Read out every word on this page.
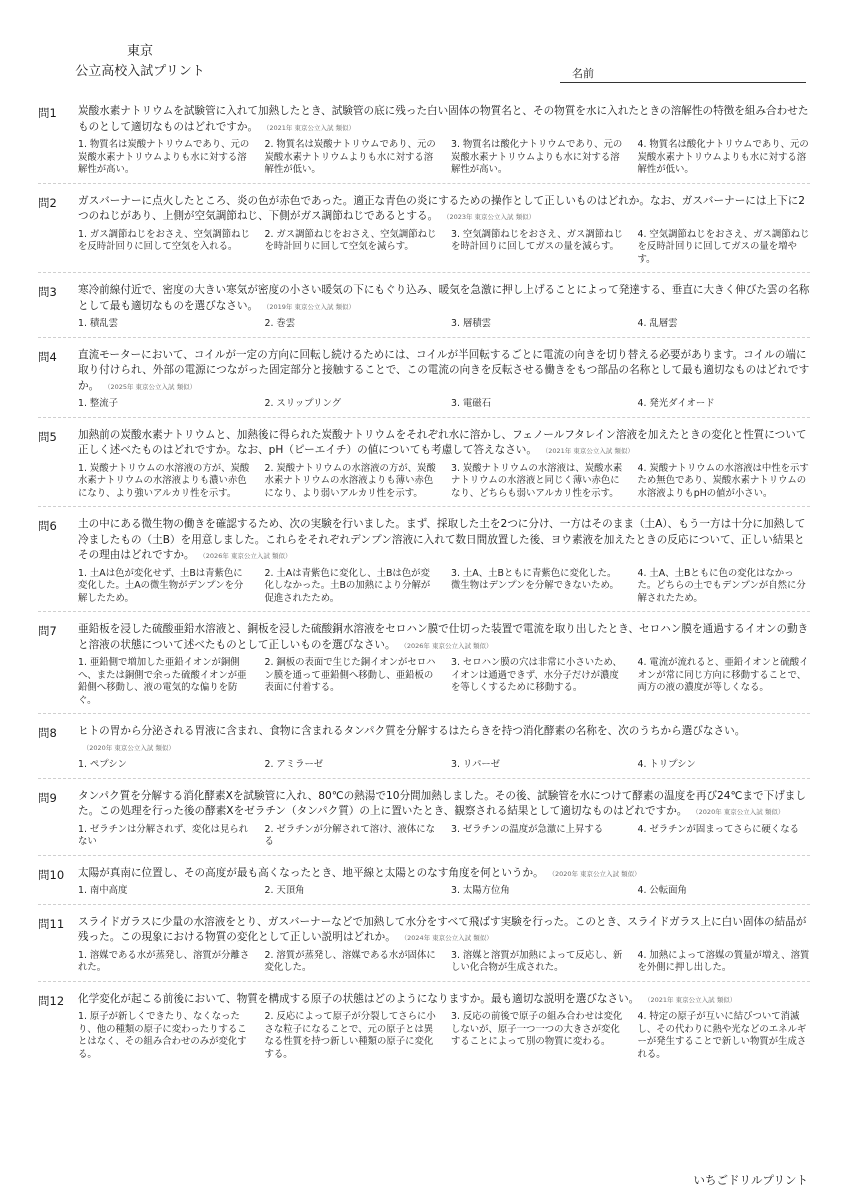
東京
公立高校入試プリント	名前
問1	炭酸水素ナトリウムを試験管に入れて加熱したとき、試験管の底に残った白い固体の物質名と、その物質を水に入れたときの溶解性の特徴を組み合わせたものとして適切なものはどれですか。 （2021年 東京公立入試 類似）
1. 物質名は炭酸ナトリウムであり、元の炭酸水素ナトリウムよりも水に対する溶解性が高い。
2. 物質名は炭酸ナトリウムであり、元の炭酸水素ナトリウムよりも水に対する溶解性が低い。
3. 物質名は酸化ナトリウムであり、元の炭酸水素ナトリウムよりも水に対する溶解性が高い。
4. 物質名は酸化ナトリウムであり、元の炭酸水素ナトリウムよりも水に対する溶解性が低い。
問2	ガスバーナーに点火したところ、炎の色が赤色であった。適正な青色の炎にするための操作として正しいものはどれか。なお、ガスバーナーには上下に2つのねじがあり、上側が空気調節ねじ、下側がガス調節ねじであるとする。 （2023年 東京公立入試 類似）
1. ガス調節ねじをおさえ、空気調節ねじを反時計回りに回して空気を入れる。
2. ガス調節ねじをおさえ、空気調節ねじを時計回りに回して空気を減らす。
3. 空気調節ねじをおさえ、ガス調節ねじを時計回りに回してガスの量を減らす。
4. 空気調節ねじをおさえ、ガス調節ねじを反時計回りに回してガスの量を増やす。
問3	寒冷前線付近で、密度の大きい寒気が密度の小さい暖気の下にもぐり込み、暖気を急激に押し上げることによって発達する、垂直に大きく伸びた雲の名称として最も適切なものを選びなさい。 （2019年 東京公立入試 類似）
1. 積乱雲	2. 巻雲	3. 層積雲	4. 乱層雲
問4	直流モーターにおいて、コイルが一定の方向に回転し続けるためには、コイルが半回転するごとに電流の向きを切り替える必要があります。コイルの端に取り付けられ、外部の電源につながった固定部分と接触することで、この電流の向きを反転させる働きをもつ部品の名称として最も適切なものはどれですか。 （2025年 東京公立入試 類似）
1. 整流子	2. スリップリング	3. 電磁石	4. 発光ダイオード
問5	加熱前の炭酸水素ナトリウムと、加熱後に得られた炭酸ナトリウムをそれぞれ水に溶かし、フェノールフタレイン溶液を加えたときの変化と性質について正しく述べたものはどれですか。なお、pH（ピーエイチ）の値についても考慮して答えなさい。 （2021年 東京公立入試 類似）
1. 炭酸ナトリウムの水溶液の方が、炭酸水素ナトリウムの水溶液よりも濃い赤色になり、より強いアルカリ性を示す。
2. 炭酸ナトリウムの水溶液の方が、炭酸水素ナトリウムの水溶液よりも薄い赤色になり、より弱いアルカリ性を示す。
3. 炭酸ナトリウムの水溶液は、炭酸水素ナトリウムの水溶液と同じく薄い赤色になり、どちらも弱いアルカリ性を示す。
4. 炭酸ナトリウムの水溶液は中性を示すため無色であり、炭酸水素ナトリウムの水溶液よりもpHの値が小さい。
問6	土の中にある微生物の働きを確認するため、次の実験を行いました。まず、採取した土を2つに分け、一方はそのまま（土A）、もう一方は十分に加熱して冷ましたもの（土B）を用意しました。これらをそれぞれデンプン溶液に入れて数日間放置した後、ヨウ素液を加えたときの反応について、正しい結果とその理由はどれですか。 （2026年 東京公立入試 類似）
1. 土Aは色が変化せず、土Bは青紫色に変化した。土Aの微生物がデンプンを分解したため。
2. 土Aは青紫色に変化し、土Bは色が変化しなかった。土Bの加熱により分解が促進されたため。
3. 土A、土Bともに青紫色に変化した。微生物はデンプンを分解できないため。
4. 土A、土Bともに色の変化はなかった。どちらの土でもデンプンが自然に分解されたため。
問7	亜鉛板を浸した硫酸亜鉛水溶液と、銅板を浸した硫酸銅水溶液をセロハン膜で仕切った装置で電流を取り出したとき、セロハン膜を通過するイオンの動きと溶液の状態について述べたものとして正しいものを選びなさい。 （2026年 東京公立入試 類似）
1. 亜鉛側で増加した亜鉛イオンが銅側へ、または銅側で余った硫酸イオンが亜鉛側へ移動し、液の電気的な偏りを防ぐ。
2. 銅板の表面で生じた銅イオンがセロハン膜を通って亜鉛側へ移動し、亜鉛板の表面に付着する。
3. セロハン膜の穴は非常に小さいため、イオンは通過できず、水分子だけが濃度を等しくするために移動する。
4. 電流が流れると、亜鉛イオンと硫酸イオンが常に同じ方向に移動することで、両方の液の濃度が等しくなる。
問8	ヒトの胃から分泌される胃液に含まれ、食物に含まれるタンパク質を分解するはたらきを持つ消化酵素の名称を、次のうちから選びなさい。（2020年 東京公立入試 類似）
1. ペプシン	2. アミラーゼ	3. リパーゼ	4. トリプシン
問9	タンパク質を分解する消化酵素Xを試験管に入れ、80℃の熱湯で10分間加熱しました。その後、試験管を水につけて酵素の温度を再び24℃まで下げました。この処理を行った後の酵素Xをゼラチン（タンパク質）の上に置いたとき、観察される結果として適切なものはどれですか。 （2020年 東京公立入試 類似）
1. ゼラチンは分解されず、変化は見られない
2. ゼラチンが分解されて溶け、液体になる
3. ゼラチンの温度が急激に上昇する	4. ゼラチンが固まってさらに硬くなる
問10	太陽が真南に位置し、その高度が最も高くなったとき、地平線と太陽とのなす角度を何というか。 （2020年 東京公立入試 類似）
1. 南中高度	2. 天頂角	3. 太陽方位角	4. 公転面角
問11	スライドガラスに少量の水溶液をとり、ガスバーナーなどで加熱して水分をすべて飛ばす実験を行った。このとき、スライドガラス上に白い固体の結晶が残った。この現象における物質の変化として正しい説明はどれか。 （2024年 東京公立入試 類似）
1. 溶媒である水が蒸発し、溶質が分離された。
2. 溶質が蒸発し、溶媒である水が固体に変化した。
3. 溶媒と溶質が加熱によって反応し、新しい化合物が生成された。
4. 加熱によって溶媒の質量が増え、溶質を外側に押し出した。
問12	化学変化が起こる前後において、物質を構成する原子の状態はどのようになりますか。最も適切な説明を選びなさい。 （2021年 東京公立入試 類似）
1. 原子が新しくできたり、なくなったり、他の種類の原子に変わったりすることはなく、その組み合わせのみが変化する。
2. 反応によって原子が分裂してさらに小さな粒子になることで、元の原子とは異なる性質を持つ新しい種類の原子に変化する。
3. 反応の前後で原子の組み合わせは変化しないが、原子一つ一つの大きさが変化することによって別の物質に変わる。
4. 特定の原子が互いに結びついて消滅し、その代わりに熱や光などのエネルギーが発生することで新しい物質が生成される。
いちごドリルプリント
